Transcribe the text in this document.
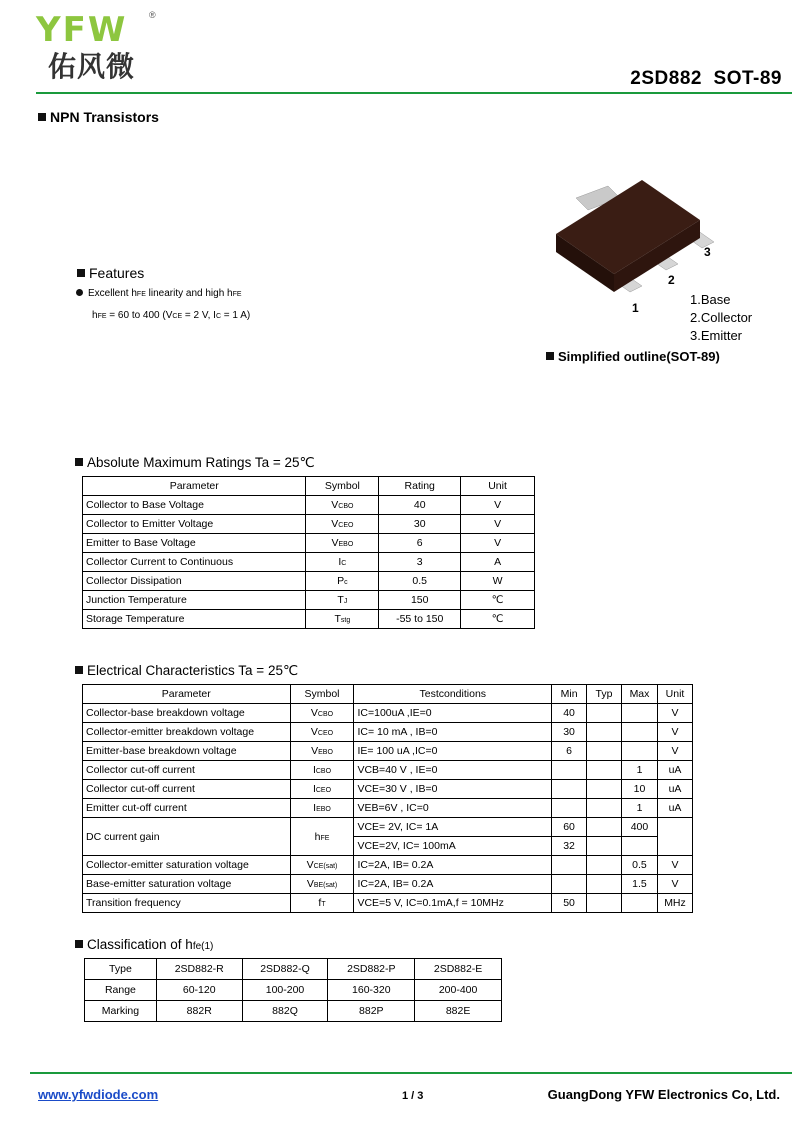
YFW ®
佑风微	2SD882  SOT-89
NPN Transistors
1
2
3
1.Base
2.Collector
3.Emitter
Simplified outline(SOT-89)
Features
Excellent hFE linearity and high hFE
hFE = 60 to 400 (VCE = 2 V, IC = 1 A)
Absolute Maximum Ratings Ta = 25℃
Parameter	Symbol	Rating	Unit
Collector to Base Voltage	VCBO	40	V
Collector to Emitter Voltage	VCEO	30	V
Emitter to Base Voltage	VEBO	6	V
Collector Current to Continuous	IC	3	A
Collector Dissipation	Pc	0.5	W
Junction Temperature	TJ	150	℃
Storage Temperature	Tstg	-55 to 150	℃
Electrical Characteristics Ta = 25℃
Parameter	Symbol	Testconditions	Min	Typ	Max	Unit
Collector-base breakdown voltage	VCBO	IC=100uA ,IE=0	40			V
Collector-emitter breakdown voltage	VCEO	IC= 10 mA , IB=0	30			V
Emitter-base breakdown voltage	VEBO	IE= 100 uA ,IC=0	6			V
Collector cut-off current	ICBO	VCB=40 V , IE=0			1	uA
Collector cut-off current	ICEO	VCE=30 V , IB=0			10	uA
Emitter cut-off current	IEBO	VEB=6V , IC=0			1	uA
DC current gain	hFE	VCE= 2V, IC= 1A	60		400	
		VCE=2V, IC= 100mA	32			
Collector-emitter saturation voltage	VCE(sat)	IC=2A, IB= 0.2A			0.5	V
Base-emitter saturation voltage	VBE(sat)	IC=2A, IB= 0.2A			1.5	V
Transition frequency	fT	VCE=5 V, IC=0.1mA,f = 10MHz	50			MHz
Classification of hfe(1)
Type	2SD882-R	2SD882-Q	2SD882-P	2SD882-E
Range	60-120	100-200	160-320	200-400
Marking	882R	882Q	882P	882E
www.yfwdiode.com	1 / 3	GuangDong YFW Electronics Co, Ltd.
